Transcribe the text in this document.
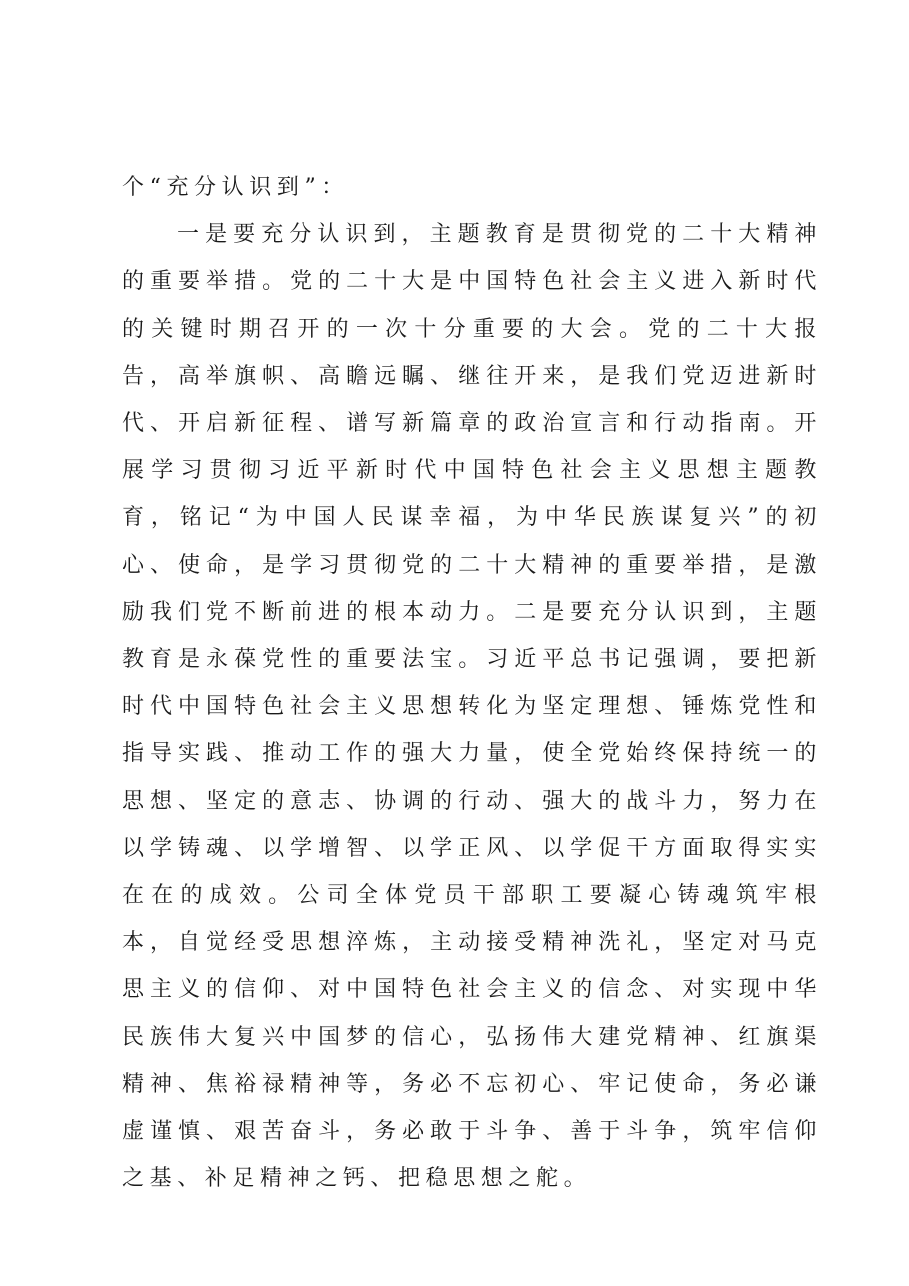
个“充分认识到”：

一是要充分认识到，主题教育是贯彻党的二十大精神的重要举措。党的二十大是中国特色社会主义进入新时代的关键时期召开的一次十分重要的大会。党的二十大报告，高举旗帜、高瞻远瞩、继往开来，是我们党迈进新时代、开启新征程、谱写新篇章的政治宣言和行动指南。开展学习贯彻习近平新时代中国特色社会主义思想主题教育，铭记“为中国人民谋幸福，为中华民族谋复兴”的初心、使命，是学习贯彻党的二十大精神的重要举措，是激励我们党不断前进的根本动力。二是要充分认识到，主题教育是永葆党性的重要法宝。习近平总书记强调，要把新时代中国特色社会主义思想转化为坚定理想、锤炼党性和指导实践、推动工作的强大力量，使全党始终保持统一的思想、坚定的意志、协调的行动、强大的战斗力，努力在以学铸魂、以学增智、以学正风、以学促干方面取得实实在在的成效。公司全体党员干部职工要凝心铸魂筑牢根本，自觉经受思想淬炼，主动接受精神洗礼，坚定对马克思主义的信仰、对中国特色社会主义的信念、对实现中华民族伟大复兴中国梦的信心，弘扬伟大建党精神、红旗渠精神、焦裕禄精神等，务必不忘初心、牢记使命，务必谦虚谨慎、艰苦奋斗，务必敢于斗争、善于斗争，筑牢信仰之基、补足精神之钙、把稳思想之舵。
